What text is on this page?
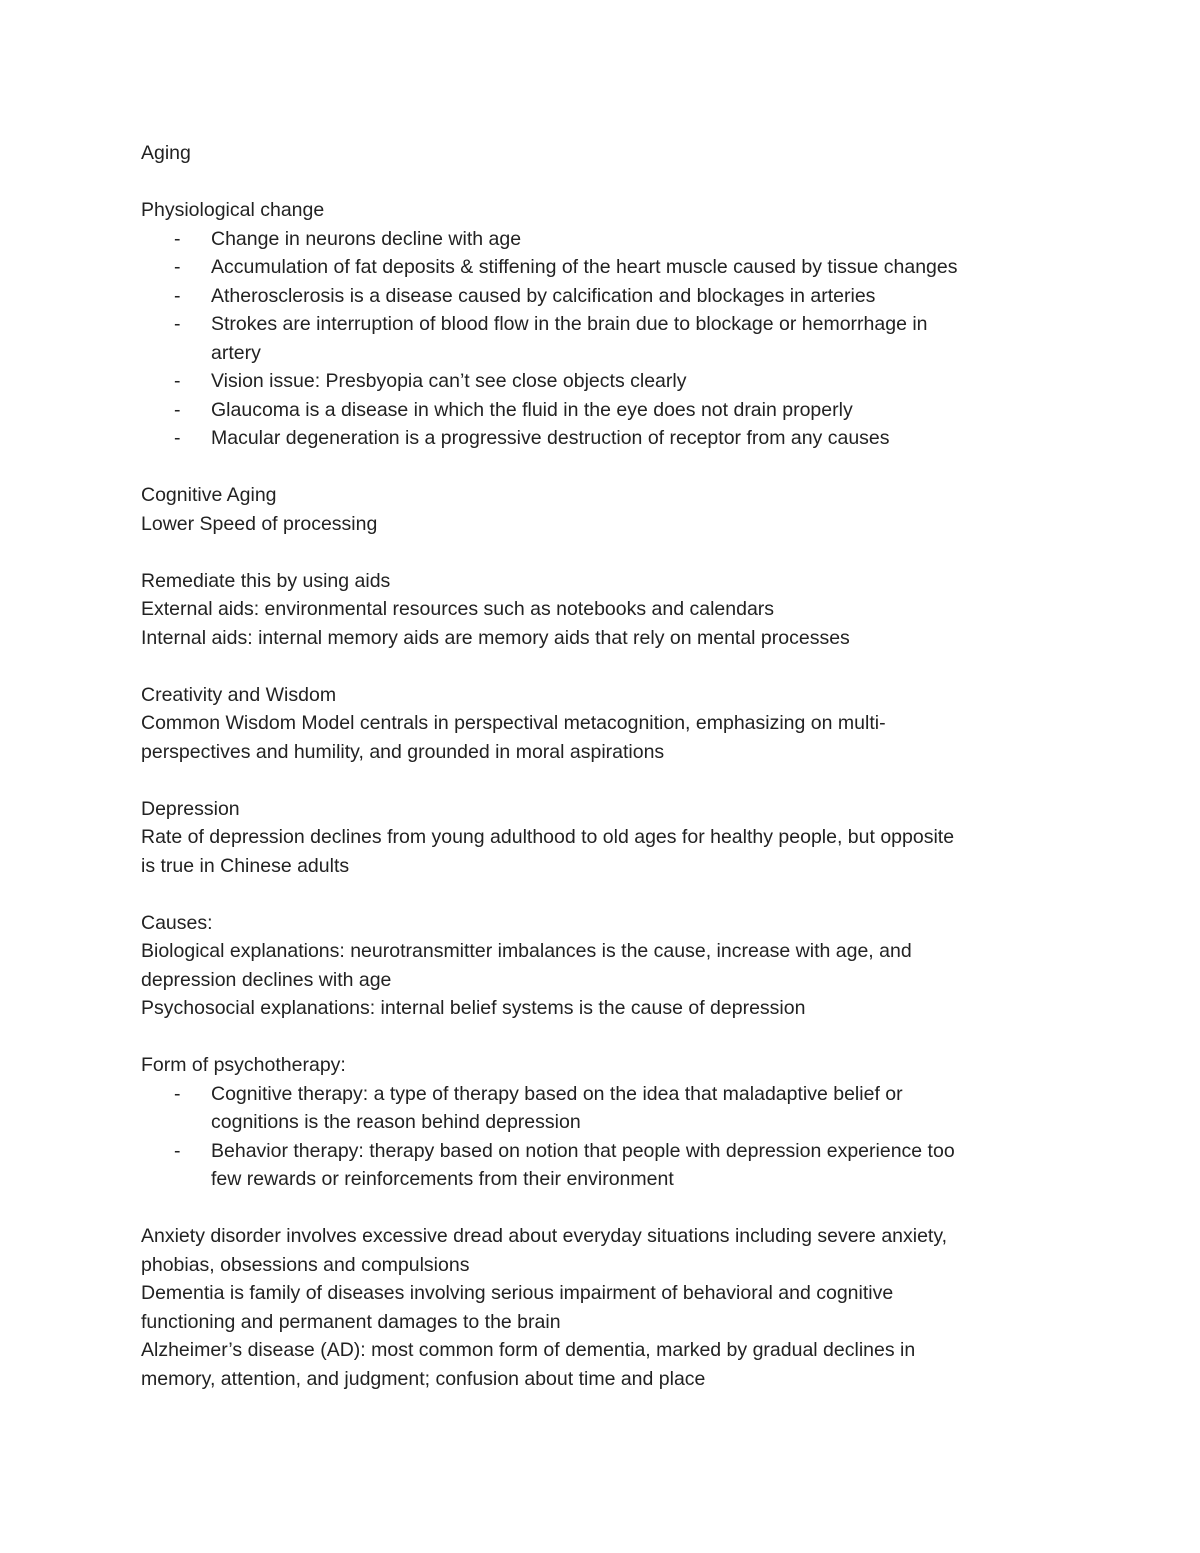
Aging
Physiological change
- Change in neurons decline with age
- Accumulation of fat deposits & stiffening of the heart muscle caused by tissue changes
- Atherosclerosis is a disease caused by calcification and blockages in arteries
- Strokes are interruption of blood flow in the brain due to blockage or hemorrhage in
artery
- Vision issue: Presbyopia can’t see close objects clearly
- Glaucoma is a disease in which the fluid in the eye does not drain properly
- Macular degeneration is a progressive destruction of receptor from any causes
Cognitive Aging
Lower Speed of processing
Remediate this by using aids
External aids: environmental resources such as notebooks and calendars
Internal aids: internal memory aids are memory aids that rely on mental processes
Creativity and Wisdom
Common Wisdom Model centrals in perspectival metacognition, emphasizing on multi-
perspectives and humility, and grounded in moral aspirations
Depression
Rate of depression declines from young adulthood to old ages for healthy people, but opposite
is true in Chinese adults
Causes:
Biological explanations: neurotransmitter imbalances is the cause, increase with age, and
depression declines with age
Psychosocial explanations: internal belief systems is the cause of depression
Form of psychotherapy:
- Cognitive therapy: a type of therapy based on the idea that maladaptive belief or
cognitions is the reason behind depression
- Behavior therapy: therapy based on notion that people with depression experience too
few rewards or reinforcements from their environment
Anxiety disorder involves excessive dread about everyday situations including severe anxiety,
phobias, obsessions and compulsions
Dementia is family of diseases involving serious impairment of behavioral and cognitive
functioning and permanent damages to the brain
Alzheimer’s disease (AD): most common form of dementia, marked by gradual declines in
memory, attention, and judgment; confusion about time and place
